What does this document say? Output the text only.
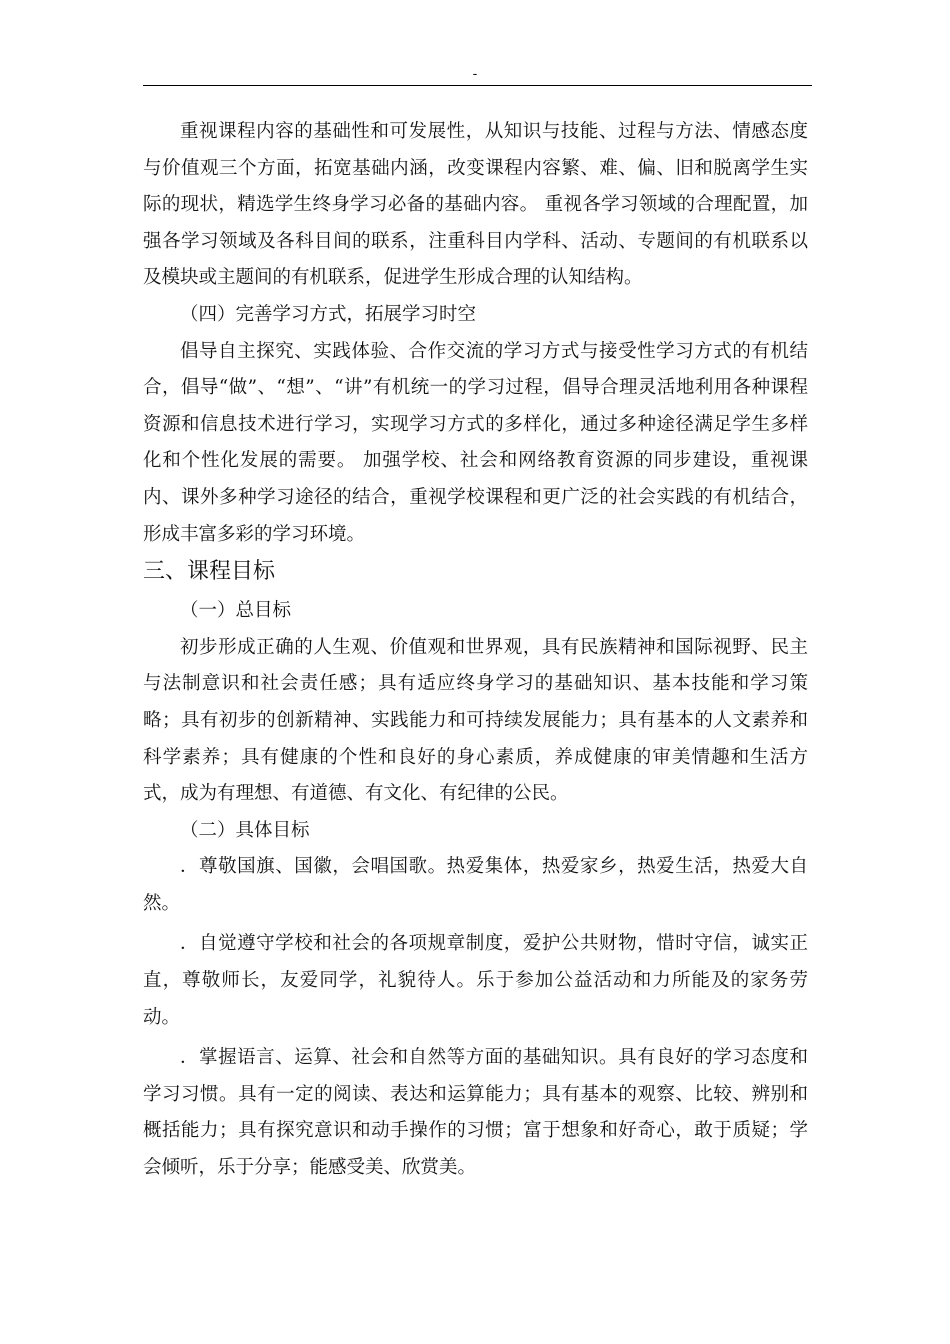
-

重视课程内容的基础性和可发展性，从知识与技能、过程与方法、情感态度与价值观三个方面，拓宽基础内涵，改变课程内容繁、难、偏、旧和脱离学生实际的现状，精选学生终身学习必备的基础内容。 重视各学习领域的合理配置，加强各学习领域及各科目间的联系，注重科目内学科、活动、专题间的有机联系以及模块或主题间的有机联系，促进学生形成合理的认知结构。

（四）完善学习方式，拓展学习时空

倡导自主探究、实践体验、合作交流的学习方式与接受性学习方式的有机结合，倡导“做”、“想”、“讲”有机统一的学习过程，倡导合理灵活地利用各种课程资源和信息技术进行学习，实现学习方式的多样化，通过多种途径满足学生多样化和个性化发展的需要。 加强学校、社会和网络教育资源的同步建设，重视课内、课外多种学习途径的结合，重视学校课程和更广泛的社会实践的有机结合，形成丰富多彩的学习环境。

三、课程目标

（一）总目标

初步形成正确的人生观、价值观和世界观，具有民族精神和国际视野、民主与法制意识和社会责任感；具有适应终身学习的基础知识、基本技能和学习策略；具有初步的创新精神、实践能力和可持续发展能力；具有基本的人文素养和科学素养；具有健康的个性和良好的身心素质，养成健康的审美情趣和生活方式，成为有理想、有道德、有文化、有纪律的公民。

（二）具体目标

．尊敬国旗、国徽，会唱国歌。热爱集体，热爱家乡，热爱生活，热爱大自然。

．自觉遵守学校和社会的各项规章制度，爱护公共财物，惜时守信，诚实正直，尊敬师长，友爱同学，礼貌待人。乐于参加公益活动和力所能及的家务劳动。

．掌握语言、运算、社会和自然等方面的基础知识。具有良好的学习态度和学习习惯。具有一定的阅读、表达和运算能力；具有基本的观察、比较、辨别和概括能力；具有探究意识和动手操作的习惯；富于想象和好奇心，敢于质疑；学会倾听，乐于分享；能感受美、欣赏美。
